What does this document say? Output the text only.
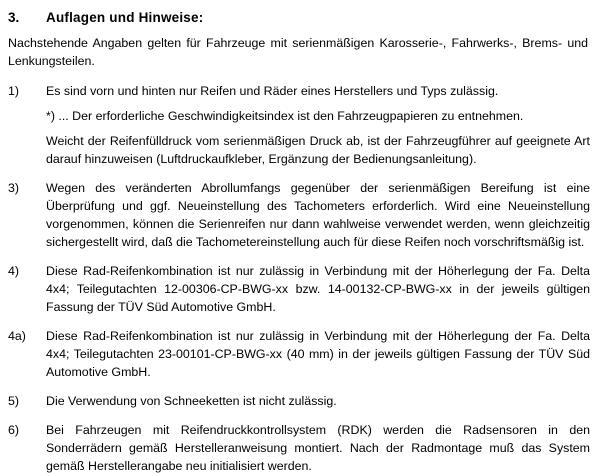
3.	Auflagen und Hinweise:

Nachstehende Angaben gelten für Fahrzeuge mit serienmäßigen Karosserie-, Fahrwerks-, Brems- und Lenkungsteilen.

1)	Es sind vorn und hinten nur Reifen und Räder eines Herstellers und Typs zulässig.

*) ... Der erforderliche Geschwindigkeitsindex ist den Fahrzeugpapieren zu entnehmen.

Weicht der Reifenfülldruck vom serienmäßigen Druck ab, ist der Fahrzeugführer auf geeignete Art darauf hinzuweisen (Luftdruckaufkleber, Ergänzung der Bedienungsanleitung).

3)	Wegen des veränderten Abrollumfangs gegenüber der serienmäßigen Bereifung ist eine Überprüfung und ggf. Neueinstellung des Tachometers erforderlich. Wird eine Neueinstellung vorgenommen, können die Serienreifen nur dann wahlweise verwendet werden, wenn gleichzeitig sichergestellt wird, daß die Tachometereinstellung auch für diese Reifen noch vorschriftsmäßig ist.

4)	Diese Rad-Reifenkombination ist nur zulässig in Verbindung mit der Höherlegung der Fa. Delta 4x4; Teilegutachten 12-00306-CP-BWG-xx bzw. 14-00132-CP-BWG-xx in der jeweils gültigen Fassung der TÜV Süd Automotive GmbH.

4a)	Diese Rad-Reifenkombination ist nur zulässig in Verbindung mit der Höherlegung der Fa. Delta 4x4; Teilegutachten 23-00101-CP-BWG-xx (40 mm) in der jeweils gültigen Fassung der TÜV Süd Automotive GmbH.

5)	Die Verwendung von Schneeketten ist nicht zulässig.

6)	Bei Fahrzeugen mit Reifendruckkontrollsystem (RDK) werden die Radsensoren in den Sonderrädern gemäß Herstelleranweisung montiert. Nach der Radmontage muß das System gemäß Herstellerangabe neu initialisiert werden.
